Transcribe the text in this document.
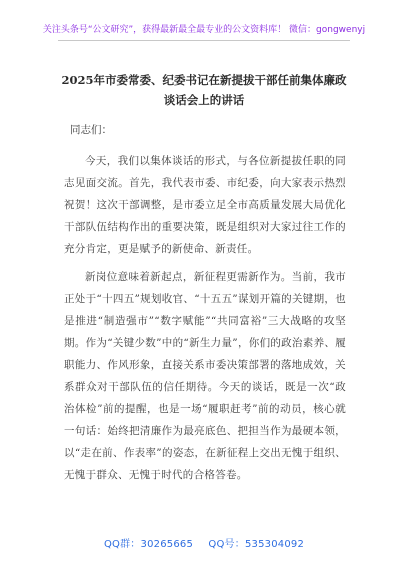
关注头条号“公文研究”，获得最新最全最专业的公文资料库！ 微信：gongwenyj
2025年市委常委、纪委书记在新提拔干部任前集体廉政谈话会上的讲话
同志们：
今天，我们以集体谈话的形式，与各位新提拔任职的同志见面交流。首先，我代表市委、市纪委，向大家表示热烈祝贺！这次干部调整，是市委立足全市高质量发展大局优化干部队伍结构作出的重要决策，既是组织对大家过往工作的充分肯定，更是赋予的新使命、新责任。
新岗位意味着新起点，新征程更需新作为。当前，我市正处于“十四五”规划收官、“十五五”谋划开篇的关键期，也是推进“制造强市”“数字赋能”“共同富裕”三大战略的攻坚期。作为“关键少数”中的“新生力量”，你们的政治素养、履职能力、作风形象，直接关系市委决策部署的落地成效，关系群众对干部队伍的信任期待。今天的谈话，既是一次“政治体检”前的提醒，也是一场“履职赶考”前的动员，核心就一句话：始终把清廉作为最亮底色、把担当作为最硬本领，以“走在前、作表率”的姿态，在新征程上交出无愧于组织、无愧于群众、无愧于时代的合格答卷。
QQ群：30265665 QQ号：535304092
